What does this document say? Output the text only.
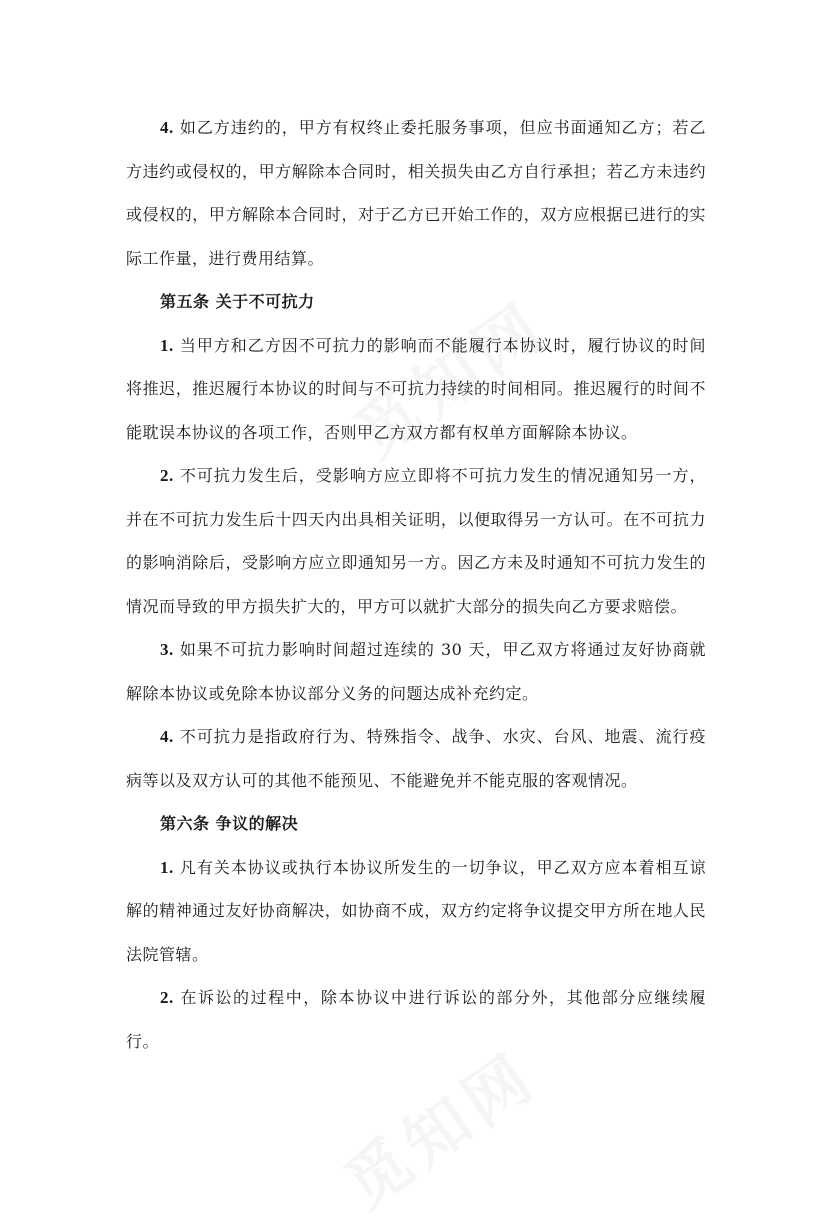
4. 如乙方违约的，甲方有权终止委托服务事项，但应书面通知乙方；若乙方违约或侵权的，甲方解除本合同时，相关损失由乙方自行承担；若乙方未违约或侵权的，甲方解除本合同时，对于乙方已开始工作的，双方应根据已进行的实际工作量，进行费用结算。

第五条 关于不可抗力

1. 当甲方和乙方因不可抗力的影响而不能履行本协议时，履行协议的时间将推迟，推迟履行本协议的时间与不可抗力持续的时间相同。推迟履行的时间不能耽误本协议的各项工作，否则甲乙方双方都有权单方面解除本协议。

2. 不可抗力发生后，受影响方应立即将不可抗力发生的情况通知另一方，并在不可抗力发生后十四天内出具相关证明，以便取得另一方认可。在不可抗力的影响消除后，受影响方应立即通知另一方。因乙方未及时通知不可抗力发生的情况而导致的甲方损失扩大的，甲方可以就扩大部分的损失向乙方要求赔偿。

3. 如果不可抗力影响时间超过连续的 30 天，甲乙双方将通过友好协商就解除本协议或免除本协议部分义务的问题达成补充约定。

4. 不可抗力是指政府行为、特殊指令、战争、水灾、台风、地震、流行疫病等以及双方认可的其他不能预见、不能避免并不能克服的客观情况。

第六条 争议的解决

1. 凡有关本协议或执行本协议所发生的一切争议，甲乙双方应本着相互谅解的精神通过友好协商解决，如协商不成，双方约定将争议提交甲方所在地人民法院管辖。

2. 在诉讼的过程中，除本协议中进行诉讼的部分外，其他部分应继续履行。
